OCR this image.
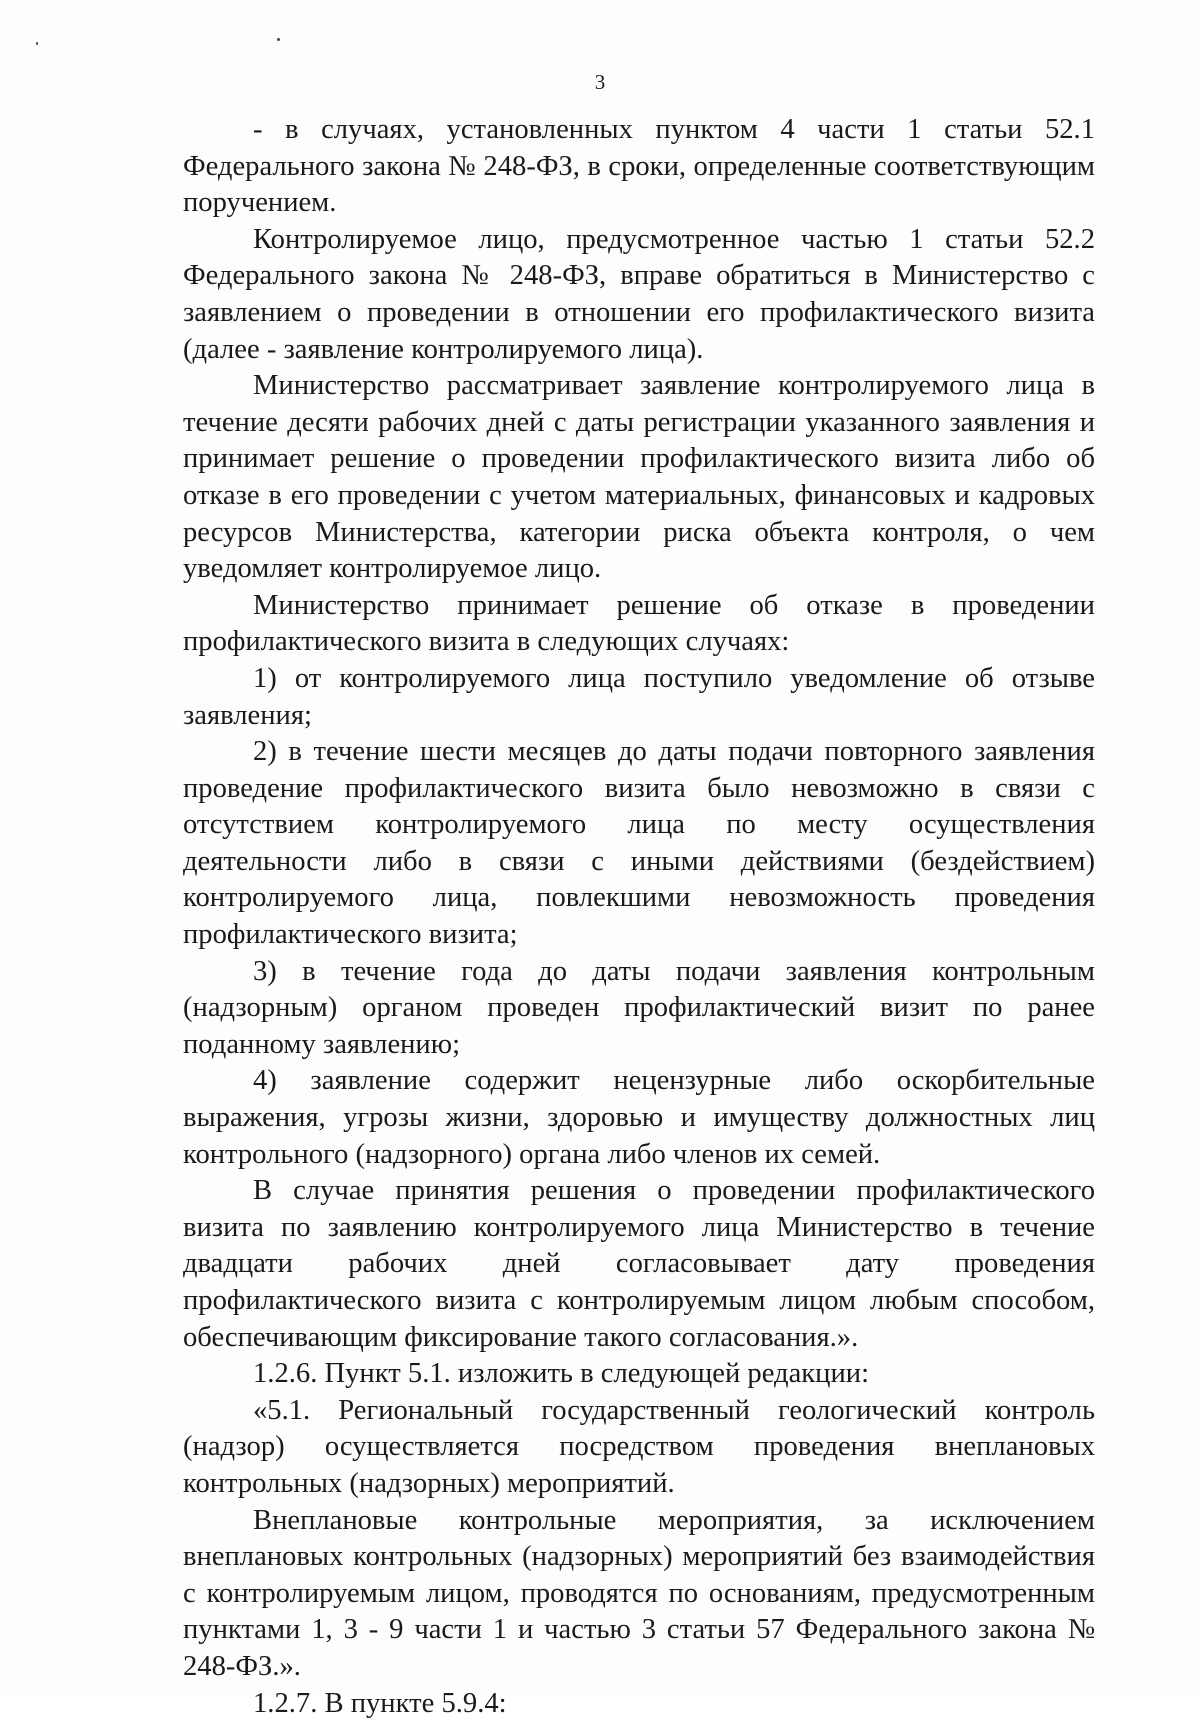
3

- в случаях, установленных пунктом 4 части 1 статьи 52.1 Федерального закона № 248-ФЗ, в сроки, определенные соответствующим поручением.

Контролируемое лицо, предусмотренное частью 1 статьи 52.2 Федерального закона № 248-ФЗ, вправе обратиться в Министерство с заявлением о проведении в отношении его профилактического визита (далее - заявление контролируемого лица).

Министерство рассматривает заявление контролируемого лица в течение десяти рабочих дней с даты регистрации указанного заявления и принимает решение о проведении профилактического визита либо об отказе в его проведении с учетом материальных, финансовых и кадровых ресурсов Министерства, категории риска объекта контроля, о чем уведомляет контролируемое лицо.

Министерство принимает решение об отказе в проведении профилактического визита в следующих случаях:

1) от контролируемого лица поступило уведомление об отзыве заявления;

2) в течение шести месяцев до даты подачи повторного заявления проведение профилактического визита было невозможно в связи с отсутствием контролируемого лица по месту осуществления деятельности либо в связи с иными действиями (бездействием) контролируемого лица, повлекшими невозможность проведения профилактического визита;

3) в течение года до даты подачи заявления контрольным (надзорным) органом проведен профилактический визит по ранее поданному заявлению;

4) заявление содержит нецензурные либо оскорбительные выражения, угрозы жизни, здоровью и имуществу должностных лиц контрольного (надзорного) органа либо членов их семей.

В случае принятия решения о проведении профилактического визита по заявлению контролируемого лица Министерство в течение двадцати рабочих дней согласовывает дату проведения профилактического визита с контролируемым лицом любым способом, обеспечивающим фиксирование такого согласования.».

1.2.6. Пункт 5.1. изложить в следующей редакции:

«5.1. Региональный государственный геологический контроль (надзор) осуществляется посредством проведения внеплановых контрольных (надзорных) мероприятий.

Внеплановые контрольные мероприятия, за исключением внеплановых контрольных (надзорных) мероприятий без взаимодействия с контролируемым лицом, проводятся по основаниям, предусмотренным пунктами 1, 3 - 9 части 1 и частью 3 статьи 57 Федерального закона № 248-ФЗ.».

1.2.7. В пункте 5.9.4:
